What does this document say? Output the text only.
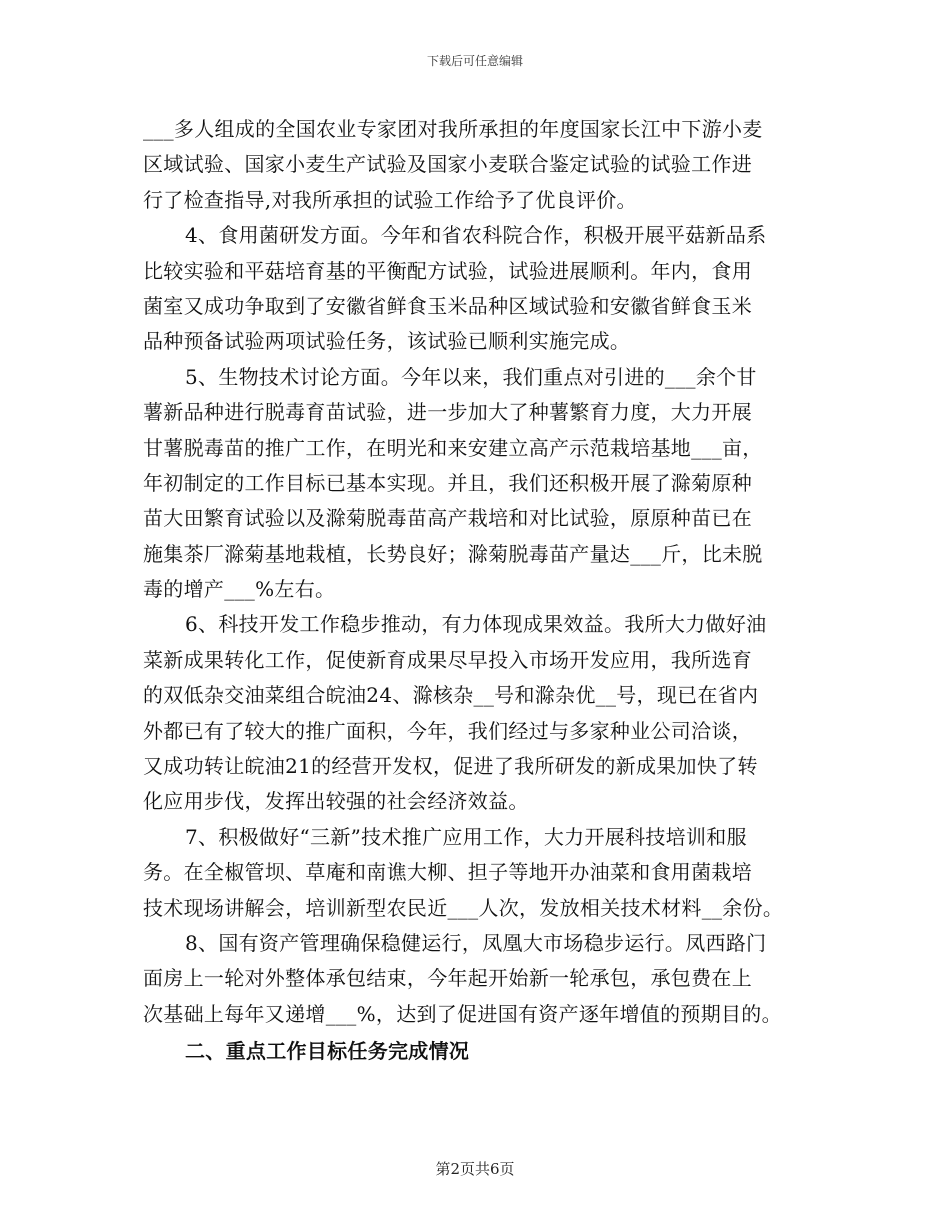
下载后可任意编辑
___多人组成的全国农业专家团对我所承担的年度国家长江中下游小麦
区域试验、国家小麦生产试验及国家小麦联合鉴定试验的试验工作进
行了检查指导,对我所承担的试验工作给予了优良评价。
4、食用菌研发方面。今年和省农科院合作，积极开展平菇新品系
比较实验和平菇培育基的平衡配方试验，试验进展顺利。年内，食用
菌室又成功争取到了安徽省鲜食玉米品种区域试验和安徽省鲜食玉米
品种预备试验两项试验任务，该试验已顺利实施完成。
5、生物技术讨论方面。今年以来，我们重点对引进的___余个甘
薯新品种进行脱毒育苗试验，进一步加大了种薯繁育力度，大力开展
甘薯脱毒苗的推广工作，在明光和来安建立高产示范栽培基地___亩，
年初制定的工作目标已基本实现。并且，我们还积极开展了滁菊原种
苗大田繁育试验以及滁菊脱毒苗高产栽培和对比试验，原原种苗已在
施集茶厂滁菊基地栽植，长势良好；滁菊脱毒苗产量达___斤，比未脱
毒的增产___%左右。
6、科技开发工作稳步推动，有力体现成果效益。我所大力做好油
菜新成果转化工作，促使新育成果尽早投入市场开发应用，我所选育
的双低杂交油菜组合皖油24、滁核杂__号和滁杂优__号，现已在省内
外都已有了较大的推广面积，今年，我们经过与多家种业公司洽谈，
又成功转让皖油21的经营开发权，促进了我所研发的新成果加快了转
化应用步伐，发挥出较强的社会经济效益。
7、积极做好“三新”技术推广应用工作，大力开展科技培训和服
务。在全椒管坝、草庵和南谯大柳、担子等地开办油菜和食用菌栽培
技术现场讲解会，培训新型农民近___人次，发放相关技术材料__余份。
8、国有资产管理确保稳健运行，凤凰大市场稳步运行。凤西路门
面房上一轮对外整体承包结束，今年起开始新一轮承包，承包费在上
次基础上每年又递增___%，达到了促进国有资产逐年增值的预期目的。
二、重点工作目标任务完成情况
第2页共6页
